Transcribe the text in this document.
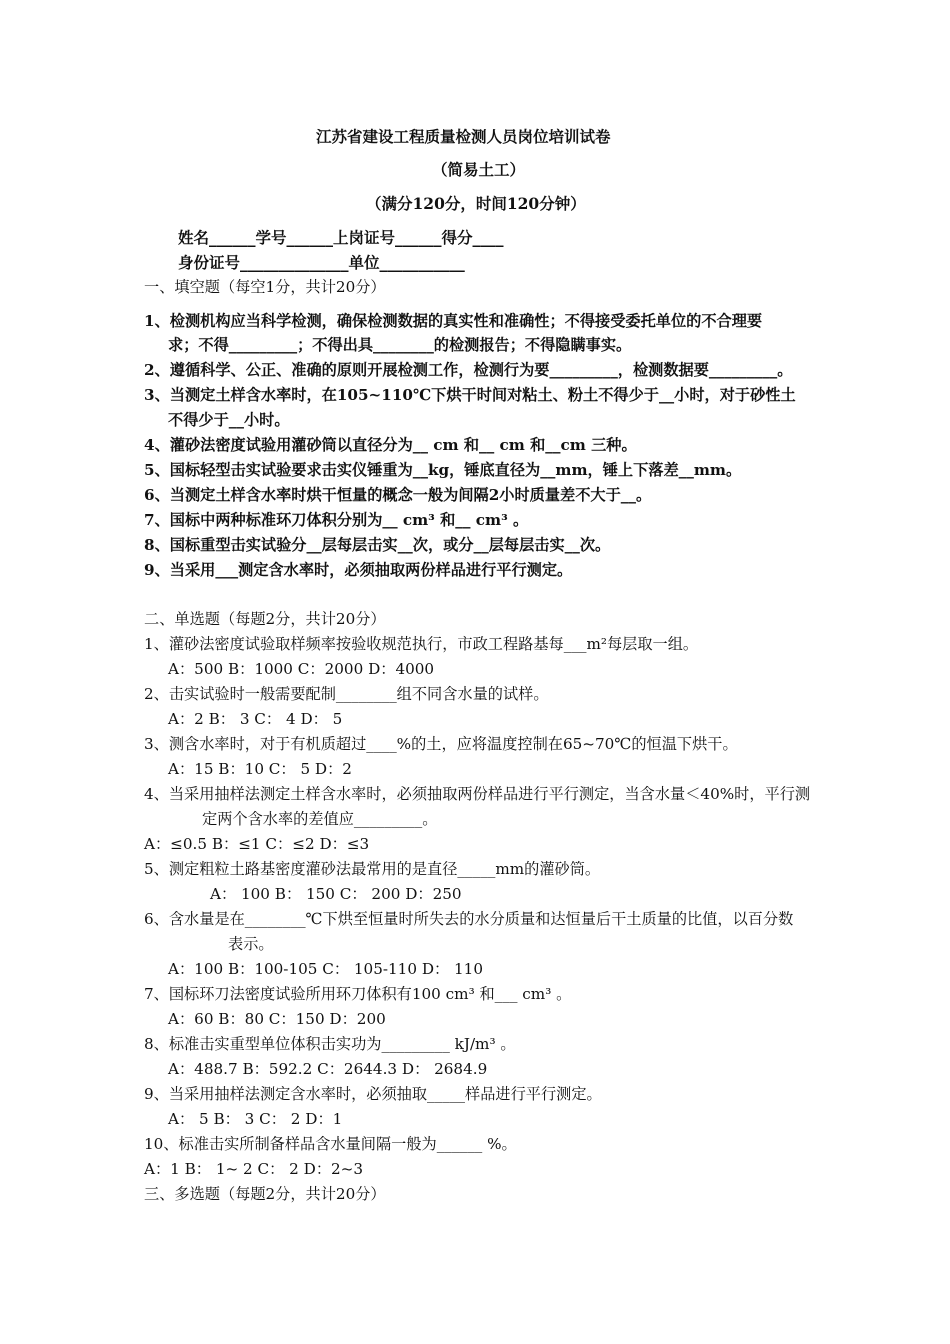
江苏省建设工程质量检测人员岗位培训试卷
（简易土工）
（满分120分，时间120分钟）
姓名______学号______上岗证号______得分____
身份证号______________单位___________
一、填空题（每空1分，共计20分）
1、检测机构应当科学检测，确保检测数据的真实性和准确性；不得接受委托单位的不合理要
求；不得_________；不得出具________的检测报告；不得隐瞒事实。
2、遵循科学、公正、准确的原则开展检测工作，检测行为要_________，检测数据要_________。
3、当测定土样含水率时，在105~110℃下烘干时间对粘土、粉土不得少于__小时，对于砂性土
不得少于__小时。
4、灌砂法密度试验用灌砂筒以直径分为__ cm 和__ cm 和__cm 三种。
5、国标轻型击实试验要求击实仪锤重为__kg，锤底直径为__mm，锤上下落差__mm。
6、当测定土样含水率时烘干恒量的概念一般为间隔2小时质量差不大于__。
7、国标中两种标准环刀体积分别为__ cm³ 和__ cm³ 。
8、国标重型击实试验分__层每层击实__次，或分__层每层击实__次。
9、当采用___测定含水率时，必须抽取两份样品进行平行测定。
二、单选题（每题2分，共计20分）
1、灌砂法密度试验取样频率按验收规范执行，市政工程路基每___m²每层取一组。
A：500 B：1000 C：2000 D：4000
2、击实试验时一般需要配制________组不同含水量的试样。
A：2 B： 3 C： 4 D： 5
3、测含水率时，对于有机质超过____%的土，应将温度控制在65~70℃的恒温下烘干。
A：15 B：10 C： 5 D：2
4、当采用抽样法测定土样含水率时，必须抽取两份样品进行平行测定，当含水量＜40%时，平行测
定两个含水率的差值应_________。
A：≤0.5 B：≤1 C：≤2 D：≤3
5、测定粗粒土路基密度灌砂法最常用的是直径_____mm的灌砂筒。
A： 100 B： 150 C： 200 D：250
6、含水量是在________℃下烘至恒量时所失去的水分质量和达恒量后干土质量的比值，以百分数
表示。
A：100 B：100-105 C： 105-110 D： 110
7、国标环刀法密度试验所用环刀体积有100 cm³ 和___ cm³ 。
A：60 B：80 C：150 D：200
8、标准击实重型单位体积击实功为_________ kJ/m³ 。
A：488.7 B：592.2 C：2644.3 D： 2684.9
9、当采用抽样法测定含水率时，必须抽取_____样品进行平行测定。
A： 5 B： 3 C： 2 D：1
10、标准击实所制备样品含水量间隔一般为______ %。
A：1 B： 1~ 2 C： 2 D：2~3
三、多选题（每题2分，共计20分）
